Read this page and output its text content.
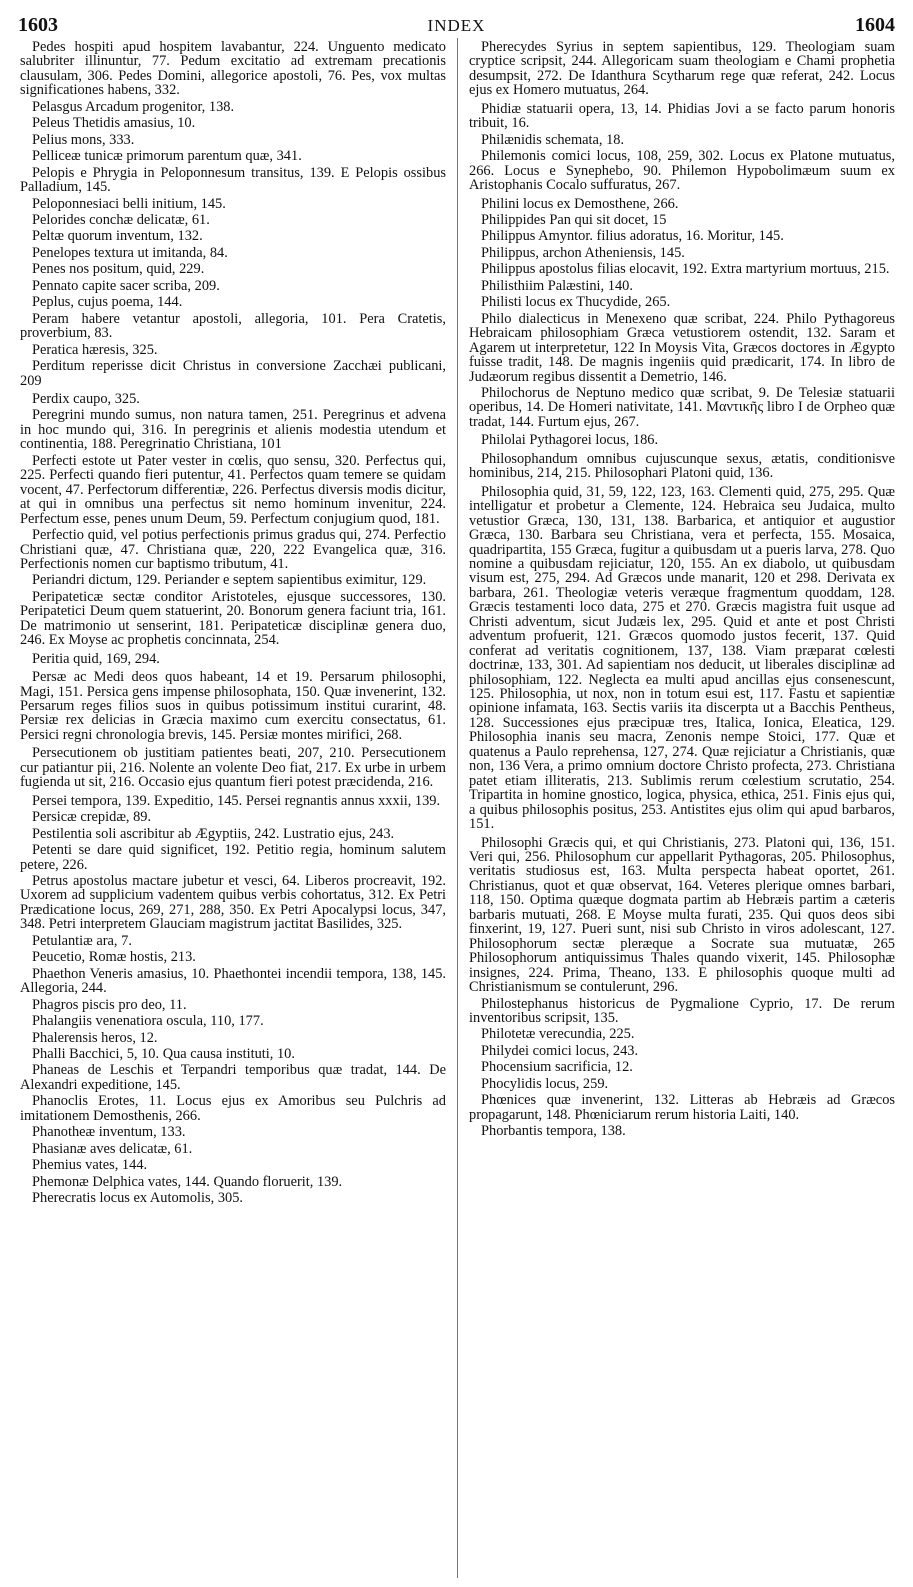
1603	INDEX	1604

Pedes hospiti apud hospitem lavabantur, 224. Unguento medicato salubriter illinuntur, 77. Pedum excitatio ad extremam precationis clausulam, 306. Pedes Domini, allegorice apostoli, 76. Pes, vox multas significationes habens, 332.

Pelasgus Arcadum progenitor, 138.

Peleus Thetidis amasius, 10.

Pelius mons, 333.

Pelliceæ tunicæ primorum parentum quæ, 341.

Pelopis e Phrygia in Peloponnesum transitus, 139. E Pelopis ossibus Palladium, 145.

Peloponnesiaci belli initium, 145.

Pelorides conchæ delicatæ, 61.

Peltæ quorum inventum, 132.

Penelopes textura ut imitanda, 84.

Penes nos positum, quid, 229.

Pennato capite sacer scriba, 209.

Peplus, cujus poema, 144.

Peram habere vetantur apostoli, allegoria, 101. Pera Cratetis, proverbium, 83.

Peratica hæresis, 325.

Perditum reperisse dicit Christus in conversione Zacchæi publicani, 209

Perdix caupo, 325.

Peregrini mundo sumus, non natura tamen, 251. Peregrinus et advena in hoc mundo qui, 316. In peregrinis et alienis modestia utendum et continentia, 188. Peregrinatio Christiana, 101

Perfecti estote ut Pater vester in cœlis, quo sensu, 320. Perfectus qui, 225. Perfecti quando fieri putentur, 41. Perfectos quam temere se quidam vocent, 47. Perfectorum differentiæ, 226. Perfectus diversis modis dicitur, at qui in omnibus una perfectus sit nemo hominum invenitur, 224. Perfectum esse, penes unum Deum, 59. Perfectum conjugium quod, 181.

Perfectio quid, vel potius perfectionis primus gradus qui, 274. Perfectio Christiani quæ, 47. Christiana quæ, 220, 222 Evangelica quæ, 316. Perfectionis nomen cur baptismo tributum, 41.

Periandri dictum, 129. Periander e septem sapientibus eximitur, 129.

Peripateticæ sectæ conditor Aristoteles, ejusque successores, 130. Peripatetici Deum quem statuerint, 20. Bonorum genera faciunt tria, 161. De matrimonio ut senserint, 181. Peripateticæ disciplinæ genera duo, 246. Ex Moyse ac prophetis concinnata, 254.

Peritia quid, 169, 294.

Persæ ac Medi deos quos habeant, 14 et 19. Persarum philosophi, Magi, 151. Persica gens impense philosophata, 150. Quæ invenerint, 132. Persarum reges filios suos in quibus potissimum institui curarint, 48. Persiæ rex delicias in Græcia maximo cum exercitu consectatus, 61. Persici regni chronologia brevis, 145. Persiæ montes mirifici, 268.

Persecutionem ob justitiam patientes beati, 207, 210. Persecutionem cur patiantur pii, 216. Nolente an volente Deo fiat, 217. Ex urbe in urbem fugienda ut sit, 216. Occasio ejus quantum fieri potest præcidenda, 216.

Persei tempora, 139. Expeditio, 145. Persei regnantis annus xxxii, 139.

Persicæ crepidæ, 89.

Pestilentia soli ascribitur ab Ægyptiis, 242. Lustratio ejus, 243.

Petenti se dare quid significet, 192. Petitio regia, hominum salutem petere, 226.

Petrus apostolus mactare jubetur et vesci, 64. Liberos procreavit, 192. Uxorem ad supplicium vadentem quibus verbis cohortatus, 312. Ex Petri Prædicatione locus, 269, 271, 288, 350. Ex Petri Apocalypsi locus, 347, 348. Petri interpretem Glauciam magistrum jactitat Basilides, 325.

Petulantiæ ara, 7.

Peucetio, Romæ hostis, 213.

Phaethon Veneris amasius, 10. Phaethontei incendii tempora, 138, 145. Allegoria, 244.

Phagros piscis pro deo, 11.

Phalangiis venenatiora oscula, 110, 177.

Phalerensis heros, 12.

Phalli Bacchici, 5, 10. Qua causa instituti, 10.

Phaneas de Leschis et Terpandri temporibus quæ tradat, 144. De Alexandri expeditione, 145.

Phanoclis Erotes, 11. Locus ejus ex Amoribus seu Pulchris ad imitationem Demosthenis, 266.

Phanotheæ inventum, 133.

Phasianæ aves delicatæ, 61.

Phemius vates, 144.

Phemonæ Delphica vates, 144. Quando floruerit, 139.

Pherecratis locus ex Automolis, 305.

Pherecydes Syrius in septem sapientibus, 129. Theologiam suam cryptice scripsit, 244. Allegoricam suam theologiam e Chami prophetia desumpsit, 272. De Idanthura Scytharum rege quæ referat, 242. Locus ejus ex Homero mutuatus, 264.

Phidiæ statuarii opera, 13, 14. Phidias Jovi a se facto parum honoris tribuit, 16.

Philænidis schemata, 18.

Philemonis comici locus, 108, 259, 302. Locus ex Platone mutuatus, 266. Locus e Synephebo, 90. Philemon Hypobolimæum suum ex Aristophanis Cocalo suffuratus, 267.

Philini locus ex Demosthene, 266.

Philippides Pan qui sit docet, 15

Philippus Amyntor. filius adoratus, 16. Moritur, 145.

Philippus, archon Atheniensis, 145.

Philippus apostolus filias elocavit, 192. Extra martyrium mortuus, 215.

Philisthiim Palæstini, 140.

Philisti locus ex Thucydide, 265.

Philo dialecticus in Menexeno quæ scribat, 224. Philo Pythagoreus Hebraicam philosophiam Græca vetustiorem ostendit, 132. Saram et Agarem ut interpretetur, 122 In Moysis Vita, Græcos doctores in Ægypto fuisse tradit, 148. De magnis ingeniis quid prædicarit, 174. In libro de Judæorum regibus dissentit a Demetrio, 146.

Philochorus de Neptuno medico quæ scribat, 9. De Telesiæ statuarii operibus, 14. De Homeri nativitate, 141. Μαντικῆς libro I de Orpheo quæ tradat, 144. Furtum ejus, 267.

Philolai Pythagorei locus, 186.

Philosophandum omnibus cujuscunque sexus, ætatis, conditionisve hominibus, 214, 215. Philosophari Platoni quid, 136.

Philosophia quid, 31, 59, 122, 123, 163. Clementi quid, 275, 295. Quæ intelligatur et probetur a Clemente, 124. Hebraica seu Judaica, multo vetustior Græca, 130, 131, 138. Barbarica, et antiquior et augustior Græca, 130. Barbara seu Christiana, vera et perfecta, 155. Mosaica, quadripartita, 155 Græca, fugitur a quibusdam ut a pueris larva, 278. Quo nomine a quibusdam rejiciatur, 120, 155. An ex diabolo, ut quibusdam visum est, 275, 294. Ad Græcos unde manarit, 120 et 298. Derivata ex barbara, 261. Theologiæ veteris veræque fragmentum quoddam, 128. Græcis testamenti loco data, 275 et 270. Græcis magistra fuit usque ad Christi adventum, sicut Judæis lex, 295. Quid et ante et post Christi adventum profuerit, 121. Græcos quomodo justos fecerit, 137. Quid conferat ad veritatis cognitionem, 137, 138. Viam præparat cœlesti doctrinæ, 133, 301. Ad sapientiam nos deducit, ut liberales disciplinæ ad philosophiam, 122. Neglecta ea multi apud ancillas ejus consenescunt, 125. Philosophia, ut nox, non in totum esui est, 117. Fastu et sapientiæ opinione infamata, 163. Sectis variis ita discerpta ut a Bacchis Pentheus, 128. Successiones ejus præcipuæ tres, Italica, Ionica, Eleatica, 129. Philosophia inanis seu macra, Zenonis nempe Stoici, 177. Quæ et quatenus a Paulo reprehensa, 127, 274. Quæ rejiciatur a Christianis, quæ non, 136 Vera, a primo omnium doctore Christo profecta, 273. Christiana patet etiam illiteratis, 213. Sublimis rerum cœlestium scrutatio, 254. Tripartita in homine gnostico, logica, physica, ethica, 251. Finis ejus qui, a quibus philosophis positus, 253. Antistites ejus olim qui apud barbaros, 151.

Philosophi Græcis qui, et qui Christianis, 273. Platoni qui, 136, 151. Veri qui, 256. Philosophum cur appellarit Pythagoras, 205. Philosophus, veritatis studiosus est, 163. Multa perspecta habeat oportet, 261. Christianus, quot et quæ observat, 164. Veteres plerique omnes barbari, 118, 150. Optima quæque dogmata partim ab Hebræis partim a cæteris barbaris mutuati, 268. E Moyse multa furati, 235. Qui quos deos sibi finxerint, 19, 127. Pueri sunt, nisi sub Christo in viros adolescant, 127. Philosophorum sectæ pleræque a Socrate sua mutuatæ, 265 Philosophorum antiquissimus Thales quando vixerit, 145. Philosophæ insignes, 224. Prima, Theano, 133. E philosophis quoque multi ad Christianismum se contulerunt, 296.

Philostephanus historicus de Pygmalione Cyprio, 17. De rerum inventoribus scripsit, 135.

Philotetæ verecundia, 225.

Philydei comici locus, 243.

Phocensium sacrificia, 12.

Phocylidis locus, 259.

Phœnices quæ invenerint, 132. Litteras ab Hebræis ad Græcos propagarunt, 148. Phœniciarum rerum historia Laiti, 140.

Phorbantis tempora, 138.
